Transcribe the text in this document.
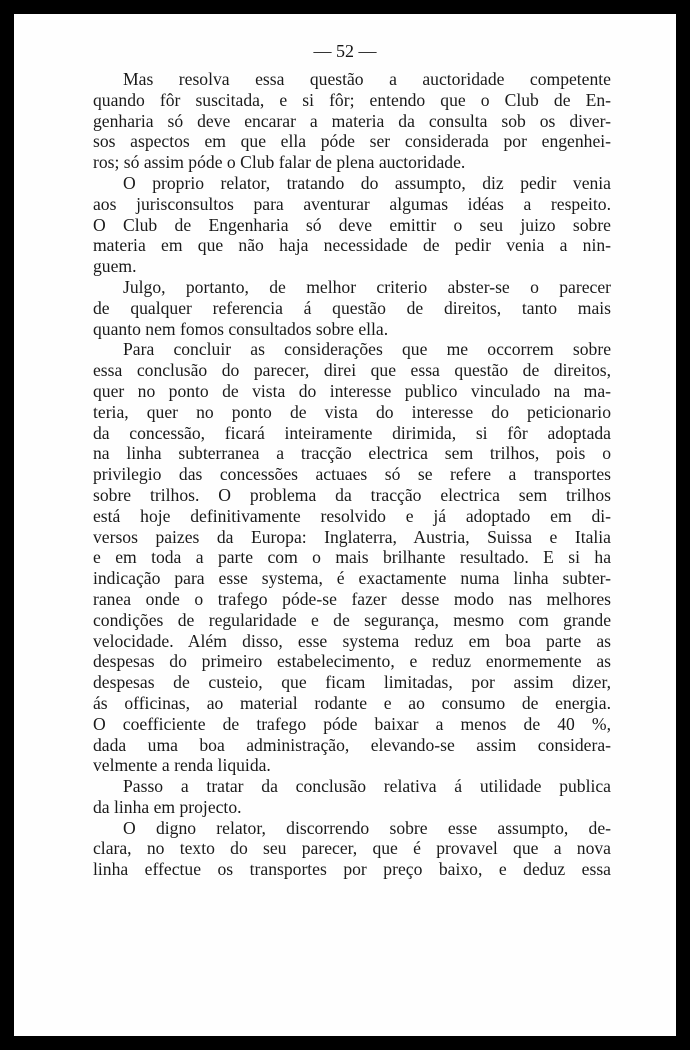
— 52 —
Mas resolva essa questão a auctoridade competente
quando fôr suscitada, e si fôr; entendo que o Club de En-
genharia só deve encarar a materia da consulta sob os diver-
sos aspectos em que ella póde ser considerada por engenhei-
ros; só assim póde o Club falar de plena auctoridade.
O proprio relator, tratando do assumpto, diz pedir venia
aos jurisconsultos para aventurar algumas idéas a respeito.
O Club de Engenharia só deve emittir o seu juizo sobre
materia em que não haja necessidade de pedir venia a nin-
guem.
Julgo, portanto, de melhor criterio abster-se o parecer
de qualquer referencia á questão de direitos, tanto mais
quanto nem fomos consultados sobre ella.
Para concluir as considerações que me occorrem sobre
essa conclusão do parecer, direi que essa questão de direitos,
quer no ponto de vista do interesse publico vinculado na ma-
teria, quer no ponto de vista do interesse do peticionario
da concessão, ficará inteiramente dirimida, si fôr adoptada
na linha subterranea a tracção electrica sem trilhos, pois o
privilegio das concessões actuaes só se refere a transportes
sobre trilhos. O problema da tracção electrica sem trilhos
está hoje definitivamente resolvido e já adoptado em di-
versos paizes da Europa: Inglaterra, Austria, Suissa e Italia
e em toda a parte com o mais brilhante resultado. E si ha
indicação para esse systema, é exactamente numa linha subter-
ranea onde o trafego póde-se fazer desse modo nas melhores
condições de regularidade e de segurança, mesmo com grande
velocidade. Além disso, esse systema reduz em boa parte as
despesas do primeiro estabelecimento, e reduz enormemente as
despesas de custeio, que ficam limitadas, por assim dizer,
ás officinas, ao material rodante e ao consumo de energia.
O coefficiente de trafego póde baixar a menos de 40 %,
dada uma boa administração, elevando-se assim considera-
velmente a renda liquida.
Passo a tratar da conclusão relativa á utilidade publica
da linha em projecto.
O digno relator, discorrendo sobre esse assumpto, de-
clara, no texto do seu parecer, que é provavel que a nova
linha effectue os transportes por preço baixo, e deduz essa
